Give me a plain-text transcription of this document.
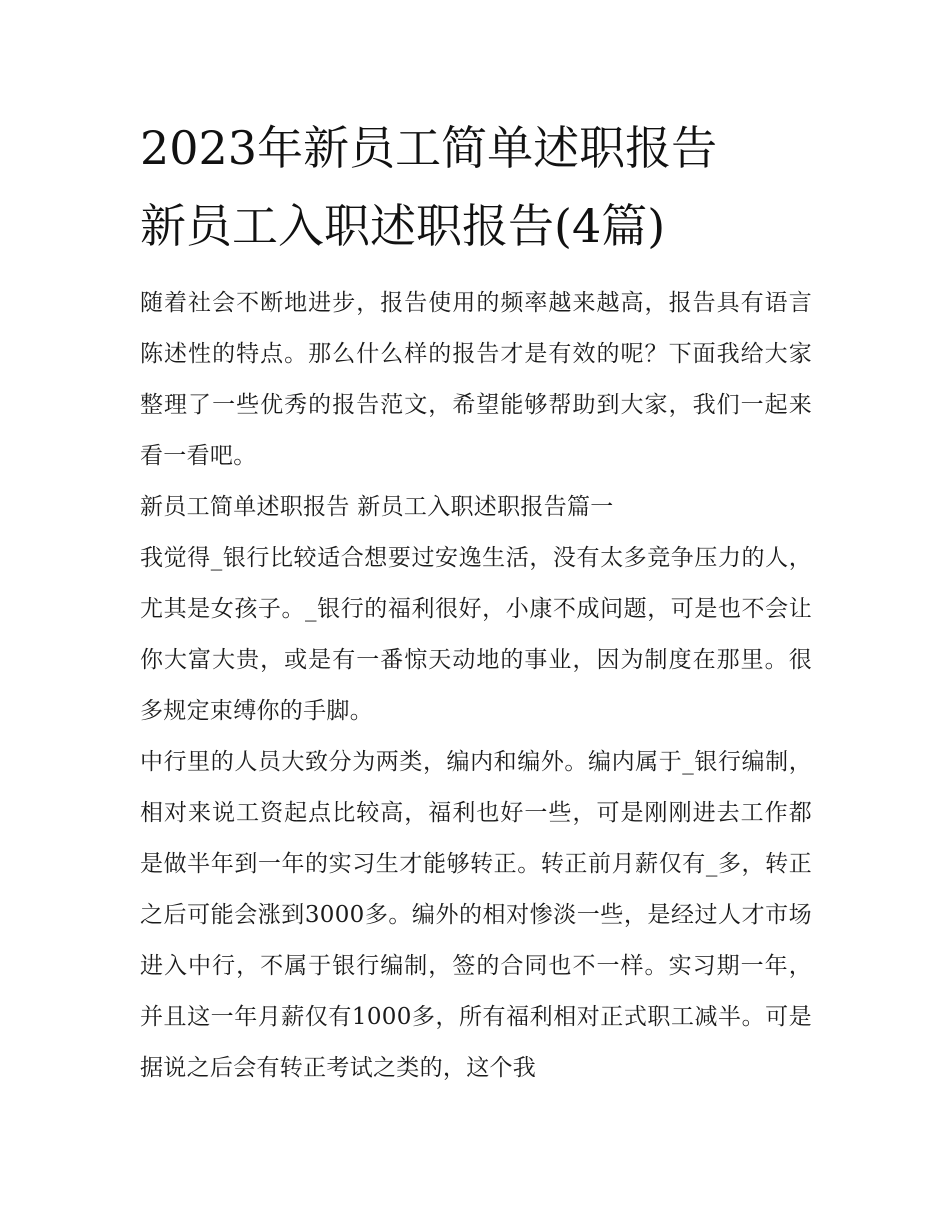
2023年新员工简单述职报告
新员工入职述职报告(4篇)

随着社会不断地进步，报告使用的频率越来越高，报告具有语言陈述性的特点。那么什么样的报告才是有效的呢？下面我给大家整理了一些优秀的报告范文，希望能够帮助到大家，我们一起来看一看吧。

新员工简单述职报告 新员工入职述职报告篇一

我觉得_银行比较适合想要过安逸生活，没有太多竞争压力的人，尤其是女孩子。_银行的福利很好，小康不成问题，可是也不会让你大富大贵，或是有一番惊天动地的事业，因为制度在那里。很多规定束缚你的手脚。

中行里的人员大致分为两类，编内和编外。编内属于_银行编制，相对来说工资起点比较高，福利也好一些，可是刚刚进去工作都是做半年到一年的实习生才能够转正。转正前月薪仅有_多，转正之后可能会涨到3000多。编外的相对惨淡一些，是经过人才市场进入中行，不属于银行编制，签的合同也不一样。实习期一年，并且这一年月薪仅有1000多，所有福利相对正式职工减半。可是据说之后会有转正考试之类的，这个我
